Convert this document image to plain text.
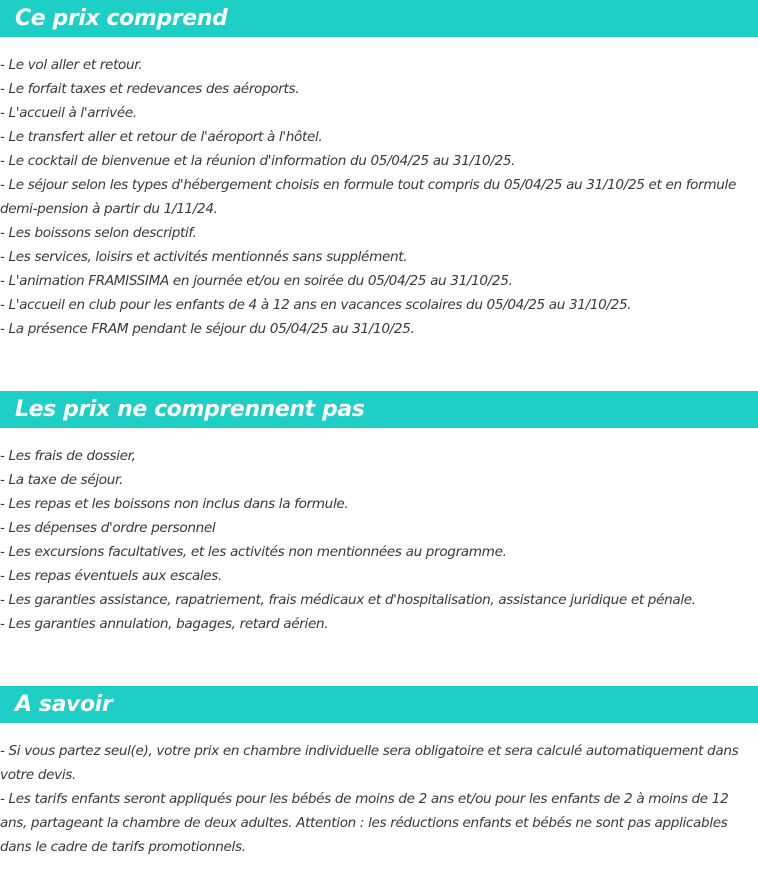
Ce prix comprend
- Le vol aller et retour.
- Le forfait taxes et redevances des aéroports.
- L'accueil à l'arrivée.
- Le transfert aller et retour de l'aéroport à l'hôtel.
- Le cocktail de bienvenue et la réunion d'information du 05/04/25 au 31/10/25.
- Le séjour selon les types d'hébergement choisis en formule tout compris du 05/04/25 au 31/10/25 et en formule demi-pension à partir du 1/11/24.
- Les boissons selon descriptif.
- Les services, loisirs et activités mentionnés sans supplément.
- L'animation FRAMISSIMA en journée et/ou en soirée du 05/04/25 au 31/10/25.
- L'accueil en club pour les enfants de 4 à 12 ans en vacances scolaires du 05/04/25 au 31/10/25.
- La présence FRAM pendant le séjour du 05/04/25 au 31/10/25.
Les prix ne comprennent pas
- Les frais de dossier,
- La taxe de séjour.
- Les repas et les boissons non inclus dans la formule.
- Les dépenses d'ordre personnel
- Les excursions facultatives, et les activités non mentionnées au programme.
- Les repas éventuels aux escales.
- Les garanties assistance, rapatriement, frais médicaux et d'hospitalisation, assistance juridique et pénale.
- Les garanties annulation, bagages, retard aérien.
A savoir
- Si vous partez seul(e), votre prix en chambre individuelle sera obligatoire et sera calculé automatiquement dans votre devis.
- Les tarifs enfants seront appliqués pour les bébés de moins de 2 ans et/ou pour les enfants de 2 à moins de 12 ans, partageant la chambre de deux adultes. Attention : les réductions enfants et bébés ne sont pas applicables dans le cadre de tarifs promotionnels.
